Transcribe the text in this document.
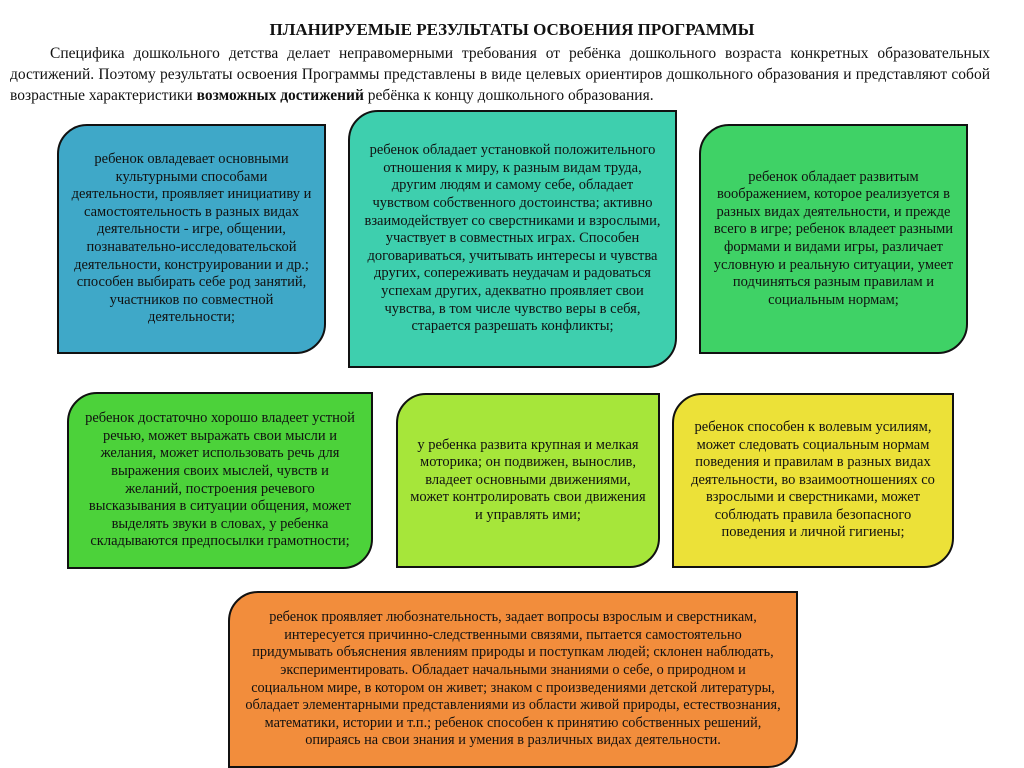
ПЛАНИРУЕМЫЕ РЕЗУЛЬТАТЫ ОСВОЕНИЯ ПРОГРАММЫ
Специфика дошкольного детства делает неправомерными требования от ребёнка дошкольного возраста конкретных образовательных достижений. Поэтому результаты освоения Программы представлены в виде целевых ориентиров дошкольного образования и представляют собой возрастные характеристики возможных достижений ребёнка к концу дошкольного образования.
ребенок овладевает основными культурными способами деятельности, проявляет инициативу и самостоятельность в разных видах деятельности - игре, общении, познавательно-исследовательской деятельности, конструировании и др.; способен выбирать себе род занятий, участников по совместной деятельности;
ребенок обладает установкой положительного отношения к миру, к разным видам труда, другим людям и самому себе, обладает чувством собственного достоинства; активно взаимодействует со сверстниками и взрослыми, участвует в совместных играх. Способен договариваться, учитывать интересы и чувства других, сопереживать неудачам и радоваться успехам других, адекватно проявляет свои чувства, в том числе чувство веры в себя, старается разрешать конфликты;
ребенок обладает развитым воображением, которое реализуется в разных видах деятельности, и прежде всего в игре; ребенок владеет разными формами и видами игры, различает условную и реальную ситуации, умеет подчиняться разным правилам и социальным нормам;
ребенок достаточно хорошо владеет устной речью, может выражать свои мысли и желания, может использовать речь для выражения своих мыслей, чувств и желаний, построения речевого высказывания в ситуации общения, может выделять звуки в словах, у ребенка складываются предпосылки грамотности;
у ребенка развита крупная и мелкая моторика; он подвижен, вынослив, владеет основными движениями, может контролировать свои движения и управлять ими;
ребенок способен к волевым усилиям, может следовать социальным нормам поведения и правилам в разных видах деятельности, во взаимоотношениях со взрослыми и сверстниками, может соблюдать правила безопасного поведения и личной гигиены;
ребенок проявляет любознательность, задает вопросы взрослым и сверстникам, интересуется причинно-следственными связями, пытается самостоятельно придумывать объяснения явлениям природы и поступкам людей; склонен наблюдать, экспериментировать. Обладает начальными знаниями о себе, о природном и социальном мире, в котором он живет; знаком с произведениями детской литературы, обладает элементарными представлениями из области живой природы, естествознания, математики, истории и т.п.; ребенок способен к принятию собственных решений, опираясь на свои знания и умения в различных видах деятельности.
